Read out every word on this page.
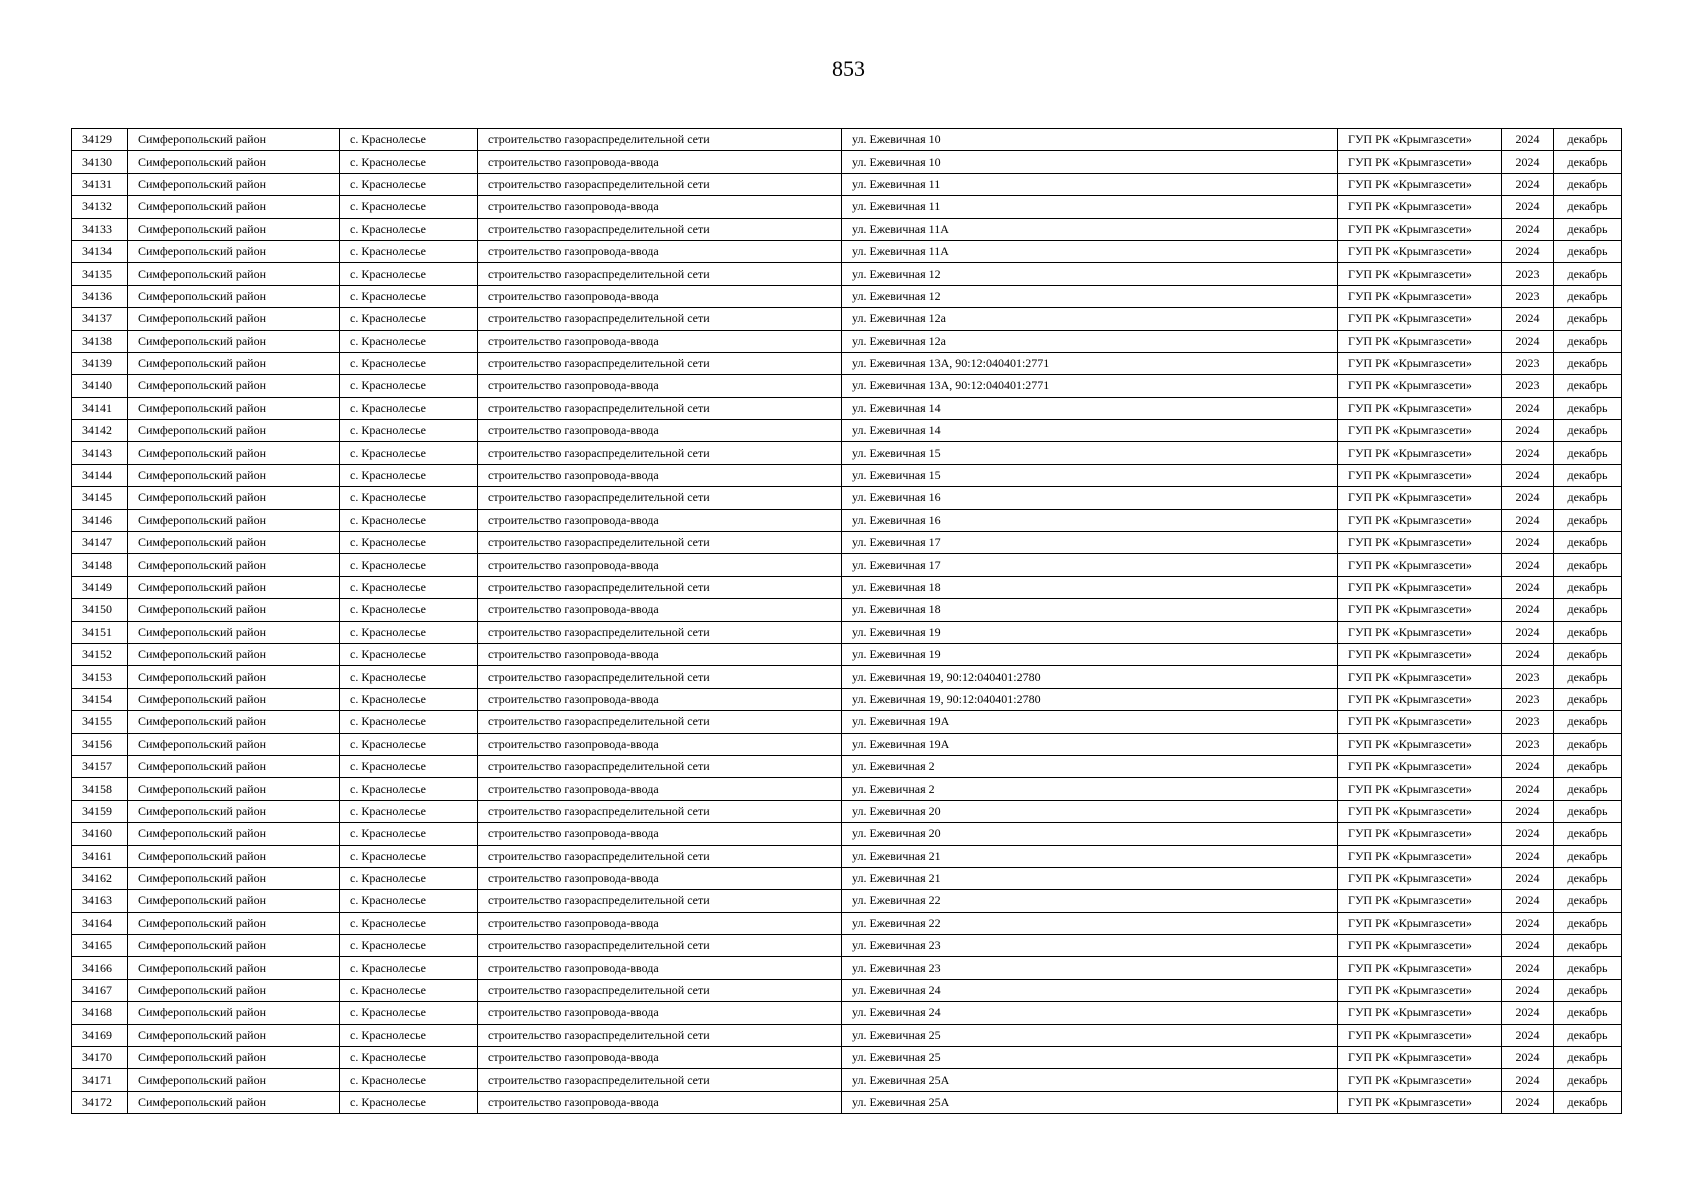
853
34129	Симферопольский район	с. Краснолесье	строительство газораспределительной сети	ул. Ежевичная 10	ГУП РК «Крымгазсети»	2024	декабрь
34130	Симферопольский район	с. Краснолесье	строительство газопровода-ввода	ул. Ежевичная 10	ГУП РК «Крымгазсети»	2024	декабрь
34131	Симферопольский район	с. Краснолесье	строительство газораспределительной сети	ул. Ежевичная 11	ГУП РК «Крымгазсети»	2024	декабрь
34132	Симферопольский район	с. Краснолесье	строительство газопровода-ввода	ул. Ежевичная 11	ГУП РК «Крымгазсети»	2024	декабрь
34133	Симферопольский район	с. Краснолесье	строительство газораспределительной сети	ул. Ежевичная 11А	ГУП РК «Крымгазсети»	2024	декабрь
34134	Симферопольский район	с. Краснолесье	строительство газопровода-ввода	ул. Ежевичная 11А	ГУП РК «Крымгазсети»	2024	декабрь
34135	Симферопольский район	с. Краснолесье	строительство газораспределительной сети	ул. Ежевичная 12	ГУП РК «Крымгазсети»	2023	декабрь
34136	Симферопольский район	с. Краснолесье	строительство газопровода-ввода	ул. Ежевичная 12	ГУП РК «Крымгазсети»	2023	декабрь
34137	Симферопольский район	с. Краснолесье	строительство газораспределительной сети	ул. Ежевичная 12а	ГУП РК «Крымгазсети»	2024	декабрь
34138	Симферопольский район	с. Краснолесье	строительство газопровода-ввода	ул. Ежевичная 12а	ГУП РК «Крымгазсети»	2024	декабрь
34139	Симферопольский район	с. Краснолесье	строительство газораспределительной сети	ул. Ежевичная 13А, 90:12:040401:2771	ГУП РК «Крымгазсети»	2023	декабрь
34140	Симферопольский район	с. Краснолесье	строительство газопровода-ввода	ул. Ежевичная 13А, 90:12:040401:2771	ГУП РК «Крымгазсети»	2023	декабрь
34141	Симферопольский район	с. Краснолесье	строительство газораспределительной сети	ул. Ежевичная 14	ГУП РК «Крымгазсети»	2024	декабрь
34142	Симферопольский район	с. Краснолесье	строительство газопровода-ввода	ул. Ежевичная 14	ГУП РК «Крымгазсети»	2024	декабрь
34143	Симферопольский район	с. Краснолесье	строительство газораспределительной сети	ул. Ежевичная 15	ГУП РК «Крымгазсети»	2024	декабрь
34144	Симферопольский район	с. Краснолесье	строительство газопровода-ввода	ул. Ежевичная 15	ГУП РК «Крымгазсети»	2024	декабрь
34145	Симферопольский район	с. Краснолесье	строительство газораспределительной сети	ул. Ежевичная 16	ГУП РК «Крымгазсети»	2024	декабрь
34146	Симферопольский район	с. Краснолесье	строительство газопровода-ввода	ул. Ежевичная 16	ГУП РК «Крымгазсети»	2024	декабрь
34147	Симферопольский район	с. Краснолесье	строительство газораспределительной сети	ул. Ежевичная 17	ГУП РК «Крымгазсети»	2024	декабрь
34148	Симферопольский район	с. Краснолесье	строительство газопровода-ввода	ул. Ежевичная 17	ГУП РК «Крымгазсети»	2024	декабрь
34149	Симферопольский район	с. Краснолесье	строительство газораспределительной сети	ул. Ежевичная 18	ГУП РК «Крымгазсети»	2024	декабрь
34150	Симферопольский район	с. Краснолесье	строительство газопровода-ввода	ул. Ежевичная 18	ГУП РК «Крымгазсети»	2024	декабрь
34151	Симферопольский район	с. Краснолесье	строительство газораспределительной сети	ул. Ежевичная 19	ГУП РК «Крымгазсети»	2024	декабрь
34152	Симферопольский район	с. Краснолесье	строительство газопровода-ввода	ул. Ежевичная 19	ГУП РК «Крымгазсети»	2024	декабрь
34153	Симферопольский район	с. Краснолесье	строительство газораспределительной сети	ул. Ежевичная 19, 90:12:040401:2780	ГУП РК «Крымгазсети»	2023	декабрь
34154	Симферопольский район	с. Краснолесье	строительство газопровода-ввода	ул. Ежевичная 19, 90:12:040401:2780	ГУП РК «Крымгазсети»	2023	декабрь
34155	Симферопольский район	с. Краснолесье	строительство газораспределительной сети	ул. Ежевичная 19А	ГУП РК «Крымгазсети»	2023	декабрь
34156	Симферопольский район	с. Краснолесье	строительство газопровода-ввода	ул. Ежевичная 19А	ГУП РК «Крымгазсети»	2023	декабрь
34157	Симферопольский район	с. Краснолесье	строительство газораспределительной сети	ул. Ежевичная 2	ГУП РК «Крымгазсети»	2024	декабрь
34158	Симферопольский район	с. Краснолесье	строительство газопровода-ввода	ул. Ежевичная 2	ГУП РК «Крымгазсети»	2024	декабрь
34159	Симферопольский район	с. Краснолесье	строительство газораспределительной сети	ул. Ежевичная 20	ГУП РК «Крымгазсети»	2024	декабрь
34160	Симферопольский район	с. Краснолесье	строительство газопровода-ввода	ул. Ежевичная 20	ГУП РК «Крымгазсети»	2024	декабрь
34161	Симферопольский район	с. Краснолесье	строительство газораспределительной сети	ул. Ежевичная 21	ГУП РК «Крымгазсети»	2024	декабрь
34162	Симферопольский район	с. Краснолесье	строительство газопровода-ввода	ул. Ежевичная 21	ГУП РК «Крымгазсети»	2024	декабрь
34163	Симферопольский район	с. Краснолесье	строительство газораспределительной сети	ул. Ежевичная 22	ГУП РК «Крымгазсети»	2024	декабрь
34164	Симферопольский район	с. Краснолесье	строительство газопровода-ввода	ул. Ежевичная 22	ГУП РК «Крымгазсети»	2024	декабрь
34165	Симферопольский район	с. Краснолесье	строительство газораспределительной сети	ул. Ежевичная 23	ГУП РК «Крымгазсети»	2024	декабрь
34166	Симферопольский район	с. Краснолесье	строительство газопровода-ввода	ул. Ежевичная 23	ГУП РК «Крымгазсети»	2024	декабрь
34167	Симферопольский район	с. Краснолесье	строительство газораспределительной сети	ул. Ежевичная 24	ГУП РК «Крымгазсети»	2024	декабрь
34168	Симферопольский район	с. Краснолесье	строительство газопровода-ввода	ул. Ежевичная 24	ГУП РК «Крымгазсети»	2024	декабрь
34169	Симферопольский район	с. Краснолесье	строительство газораспределительной сети	ул. Ежевичная 25	ГУП РК «Крымгазсети»	2024	декабрь
34170	Симферопольский район	с. Краснолесье	строительство газопровода-ввода	ул. Ежевичная 25	ГУП РК «Крымгазсети»	2024	декабрь
34171	Симферопольский район	с. Краснолесье	строительство газораспределительной сети	ул. Ежевичная 25А	ГУП РК «Крымгазсети»	2024	декабрь
34172	Симферопольский район	с. Краснолесье	строительство газопровода-ввода	ул. Ежевичная 25А	ГУП РК «Крымгазсети»	2024	декабрь
